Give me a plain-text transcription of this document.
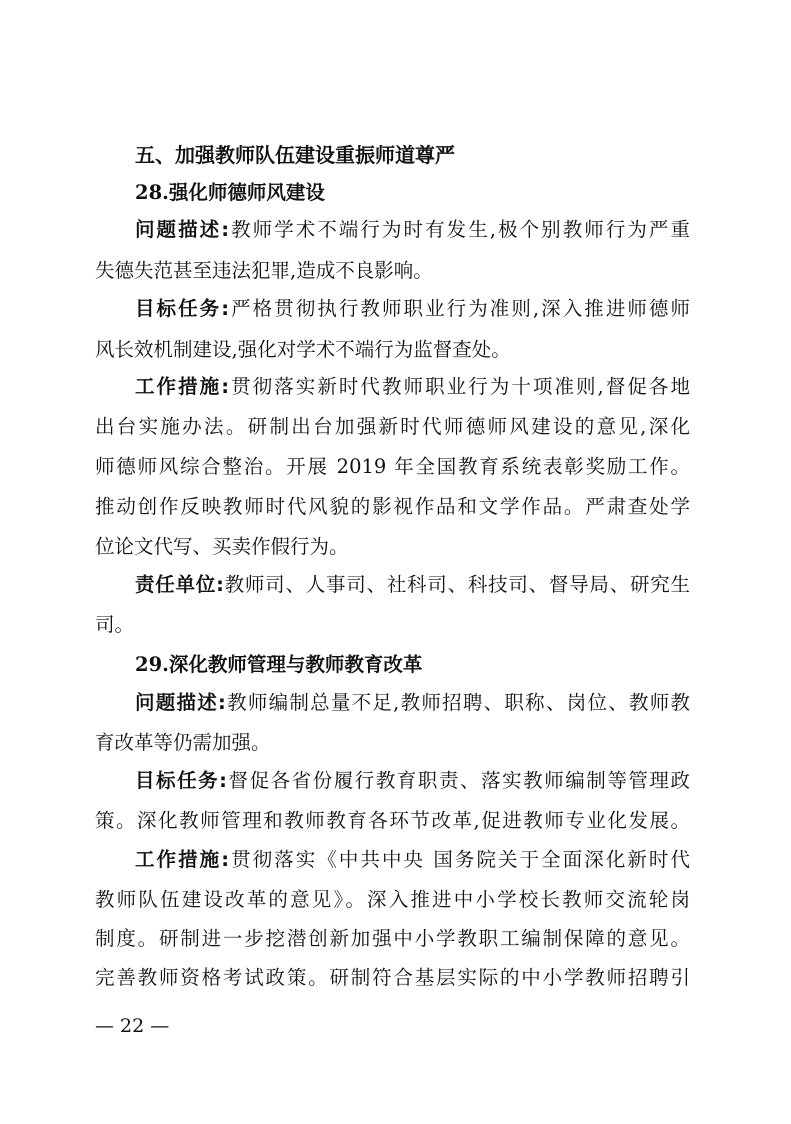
五、加强教师队伍建设重振师道尊严
28.强化师德师风建设
问题描述:教师学术不端行为时有发生,极个别教师行为严重
失德失范甚至违法犯罪,造成不良影响。
目标任务:严格贯彻执行教师职业行为准则,深入推进师德师
风长效机制建设,强化对学术不端行为监督查处。
工作措施:贯彻落实新时代教师职业行为十项准则,督促各地
出台实施办法。研制出台加强新时代师德师风建设的意见,深化
师德师风综合整治。开展 2019 年全国教育系统表彰奖励工作。
推动创作反映教师时代风貌的影视作品和文学作品。严肃查处学
位论文代写、买卖作假行为。
责任单位:教师司、人事司、社科司、科技司、督导局、研究生
司。
29.深化教师管理与教师教育改革
问题描述:教师编制总量不足,教师招聘、职称、岗位、教师教
育改革等仍需加强。
目标任务:督促各省份履行教育职责、落实教师编制等管理政
策。深化教师管理和教师教育各环节改革,促进教师专业化发展。
工作措施:贯彻落实《中共中央 国务院关于全面深化新时代
教师队伍建设改革的意见》。深入推进中小学校长教师交流轮岗
制度。研制进一步挖潜创新加强中小学教职工编制保障的意见。
完善教师资格考试政策。研制符合基层实际的中小学教师招聘引
— 22 —
